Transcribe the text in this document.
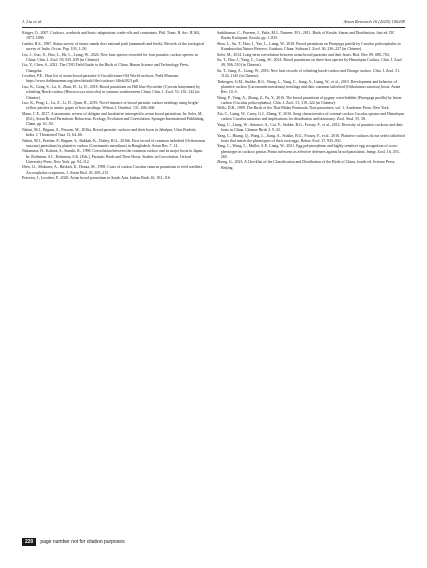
J. Liu et al.	Avian Research 16 (2025) 100249

Krüger, O., 2007. Cuckoos, cowbirds and hosts: adaptations, trade-offs and constraints. Phil. Trans. R. Soc. B 362, 1873–1886.

Lamba, B.S., 1987. Status survey of fauna: nanda devi national park (mammals and birds). Records of the zoological survey of India. Occas. Pap. 103, 1–50.

Liu, J., Guo, X., Hao, L., He, L., Liang, W., 2024. New host species recorded for four parasitic cuckoo species in China. Chin. J. Zool. 59, 635–639 (in Chinese).

Liu, Y., Chen, S., 2021. The CNG Field Guide to the Birds of China. Hunan Science and Technology Press, Changsha.

Lowther, P.E., Host list of avian brood parasites-2-Cuculiformes-Old World cuckoos. Field Museum. https://www.fieldmuseum.org/sites/default/files/cuckoos-14feb2023.pdf.

Luo, K., Gong, S., Lu, S., Zhan, H., Li, D., 2018. Brood parasitism on Hill blue-flycatcher (Cyornis banyumas) by whistling Hawk-cuckoo (Hierococcyx nisicolor) in yunnan, southwestern China. Chin. J. Zool. 53, 135–142 (in Chinese).

Luo, K., Peng, L., Lu, Z., Li, D., Quan, R., 2019. Novel instance of brood parasitic cuckoo nestlings using bright-yellow patches to mimic gapes of host nestlings. Wilson J. Ornithol. 131, 606–660.

Mann, C.F., 2017. A taxonomic review of obligate and facultative interspecific avian brood parasitism. In: Soler, M. (Ed.), Avian Brood Parasitism: Behaviour, Ecology, Evolution and Coevolution. Springer International Publishing, Cham, pp. 61–92.

Nabisi, M.J., Begum, S., Paswan, M., 2016a. Brood parasitic cuckoos and their hosts in Jabalpur, Uttar Pradesh, India. J. Threatened Taxa 13, 64–66.

Nabisi, M.J., Prasher, P., Begum, S., Rakkab, K., Dubey, R.G., 2016b. First record of common tailorbird (Orthotomus sutorius) parasitism by plaintive cuckoo (Cacomantis merulinus) in Bangladesh. Avian Res. 7, 14.

Nakamura, H., Kubota, S., Suzuki, R., 1998. Coevolution between the common cuckoo and its major hosts in Japan. In: Rothstein, S.I., Robinson, S.K. (Eds.), Parasitic Birds and Their Hosts: Studies in Coevolution. Oxford University Press, New York, pp. 94–112.

Øien, I.J., Moksnes, A., Røskaft, E., Honza, M., 1998. Costs of cuckoo Cuculus canorus parasitism to reed warblers Acrocephalus scirpaceus. J. Avian Biol. 29, 209–215.

Praveen, J., Lowther, P., 2020. Avian brood parasitism in South Asia. Indian Birds 16, 103–116.

Sashikumar, C., Praveen, J., Palot, M.J., Nameer, P.O., 2011. Birds of Kerala: Status and Distribution, first ed. DC Books Kottayam, Kerala, pp. 1–835.

Shao, L., Su, T., Huo, J., Yao, L., Liang, W., 2018. Brood parasitism on Pnoepyga pusilla by Cuculus poliocephalus in Kuankuoshui Nature Reserve, Guizhou, China. Sichuan J. Zool. 36, 236–237 (in Chinese).

Soler, M., 2014. Long-term coevolution between avian brood parasites and their hosts. Biol. Rev. 89, 688–704.

Su, T., Huo, J., Yang, C., Liang, W., 2014. Brood parasitism on three host species by Himalayan Cuckoo. Chin. J. Zool. 49, 506–510 (in Chinese).

Su, T., Jiang, A., Liang, W., 2016. New host records of whistling hawk-cuckoo and Drongo cuckoo. Chin. J. Zool. 51, 1142–1145 (in Chinese).

Tinbergen, G.M., Stokke, B.G., Wang, L., Yang, C., Jiang, A., Liang, W., et al., 2019. Development and behavior of plaintive cuckoo (Cacomantis merulinus) nestlings and their common tailorbird (Orthotomus sutorius) hosts. Avian Res. 10, 6.

Wang, P., Yang, A., Zhang, Z., Fu, Y., 2016. The brood parasitism of pygmy wren-babbler (Pnoepyga pusilla) by lesser cuckoo (Cuculus poliocephalus). Chin. J. Zool. 51, 319–322 (in Chinese).

Wells, D.R., 1999. The Birds of the Thai-Malay Peninsula. Non-passerines, vol. 1. Academic Press, New York.

Xia, C., Liang, W., Carey, G.J., Zhang, Y., 2016. Song characteristics of oriental cuckoo Cuculus optatus and Himalayan cuckoo Cuculus saturatus and implications for distribution and taxonomy. Zool. Stud. 55, 38.

Yang, C., Liang, W., Antonov, A., Cai, Y., Stokke, B.G., Fossøy, F., et al., 2012. Diversity of parasitic cuckoos and their hosts in China. Chinese Birds 3, 9–32.

Yang, C., Huang, Q., Wang, L., Jiang, A., Stokke, B.G., Fossøy, F., et al., 2016. Plaintive cuckoos do not select tailorbird hosts that match the phenotypes of their own eggs. Behav. Ecol. 27, 835–841.

Yang, C., Wang, L., Møller, A.P., Liang, W., 2021. Egg polymorphism and highly sensitive egg recognition of cross-phenotype in cuckoos prinias Prinia rufescens as effective defenses against brood parasitism. Integr. Zool. 16, 255–265.

Zheng, G., 2023. A Checklist of the Classification and Distribution of the Birds of China, fourth ed. Science Press, Beijing.

220	page number not for citation purposes
